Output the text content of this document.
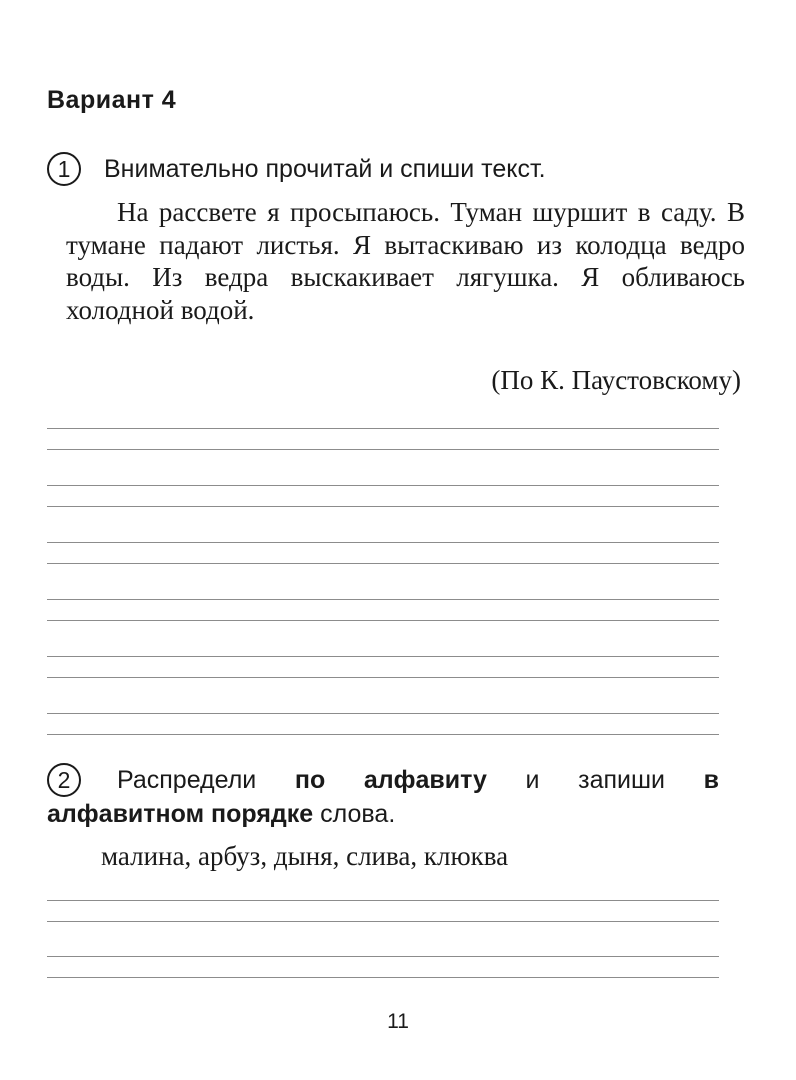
Вариант 4
1	Внимательно прочитай и спиши текст.

На рассвете я просыпаюсь. Туман шуршит в саду. В тумане падают листья. Я вытаскиваю из колодца ведро воды. Из ведра выскакивает лягушка. Я обливаюсь холодной водой.

(По К. Паустовскому)
2	Распредели по алфавиту и запиши в алфавитном порядке слова.

малина, арбуз, дыня, слива, клюква
11
